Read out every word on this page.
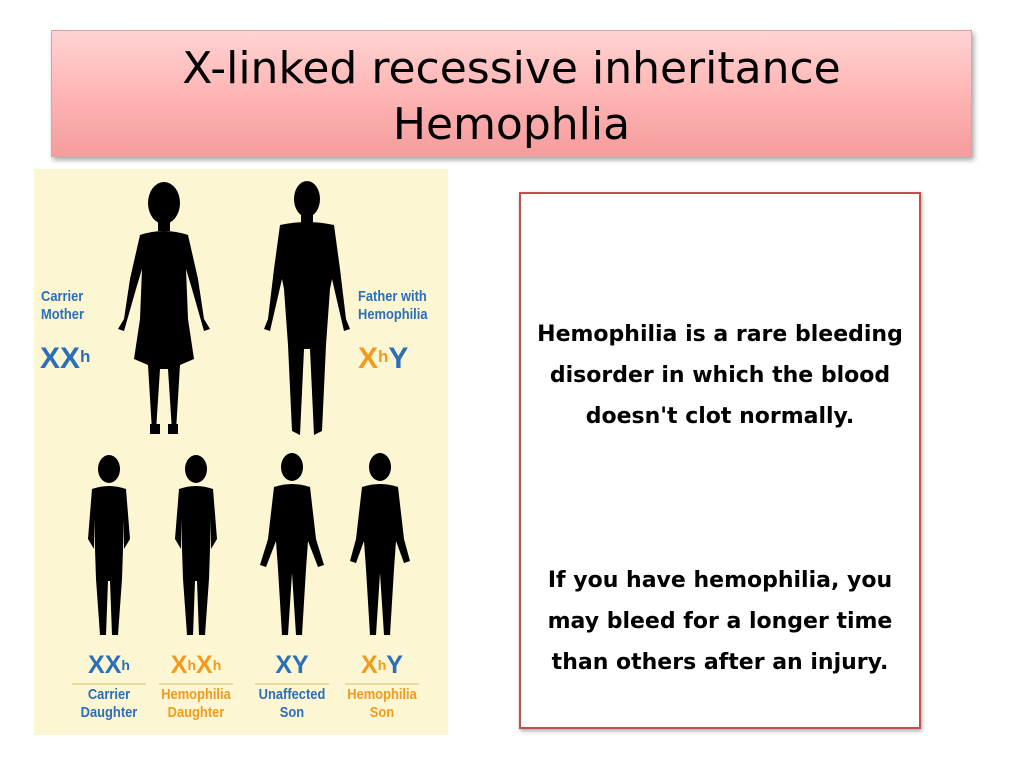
X-linked recessive inheritance
Hemophlia
Carrier
Mother
$XX^h$
Father with
Hemophilia
$X^hY$
$XX^h$
Carrier
Daughter
$X^hX^h$
Hemophilia
Daughter
XY
Unaffected
Son
$X^hY$
Hemophilia
Son
Hemophilia is a rare bleeding disorder in which the blood doesn't clot normally.
If you have hemophilia, you may bleed for a longer time than others after an injury.
